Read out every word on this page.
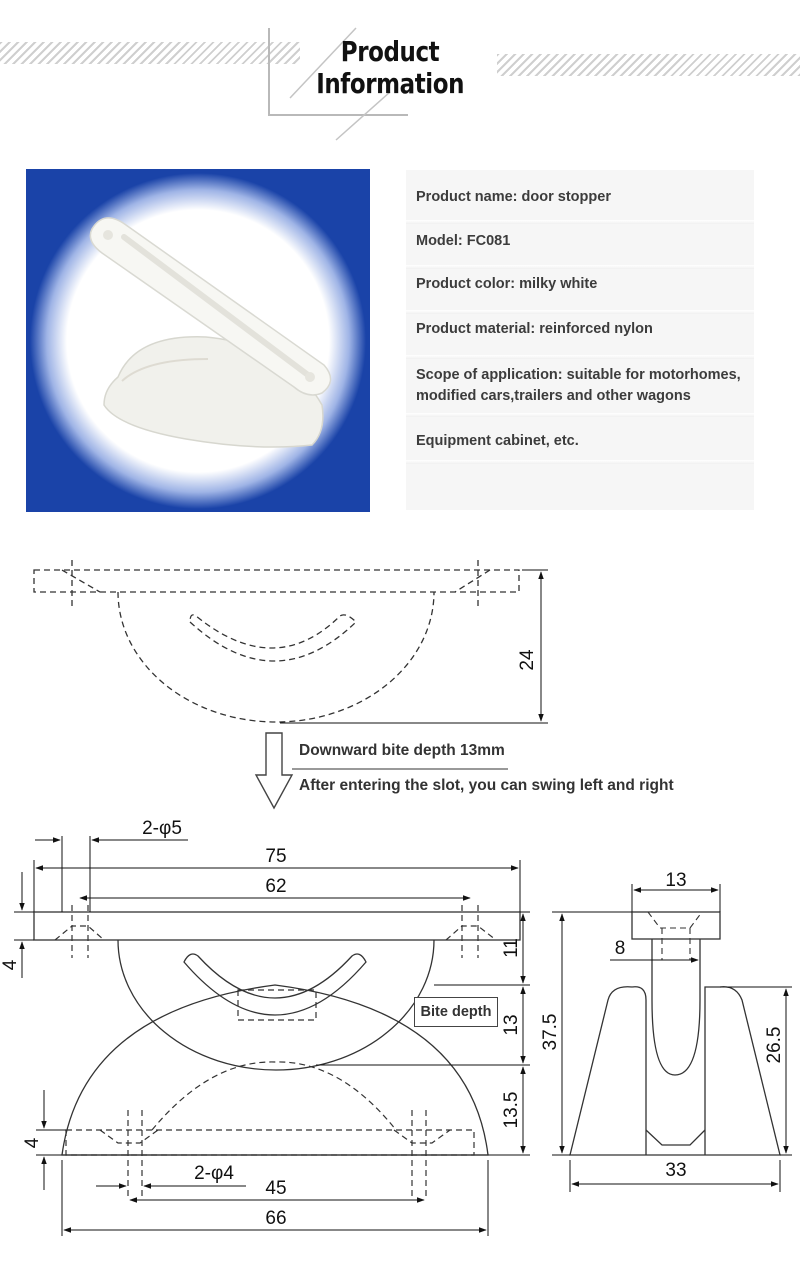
Product
Information
Product name: door stopper
Model: FC081
Product color: milky white
Product material: reinforced nylon
Scope of application: suitable for motorhomes,
modified cars,trailers and other wagons
Equipment cabinet, etc.
24
2-φ5
75
62
4
11
13
13.5
4
2-φ4
45
66
13
8
37.5	26.5
33
Downward bite depth 13mm
After entering the slot, you can swing left and right
Bite depth
